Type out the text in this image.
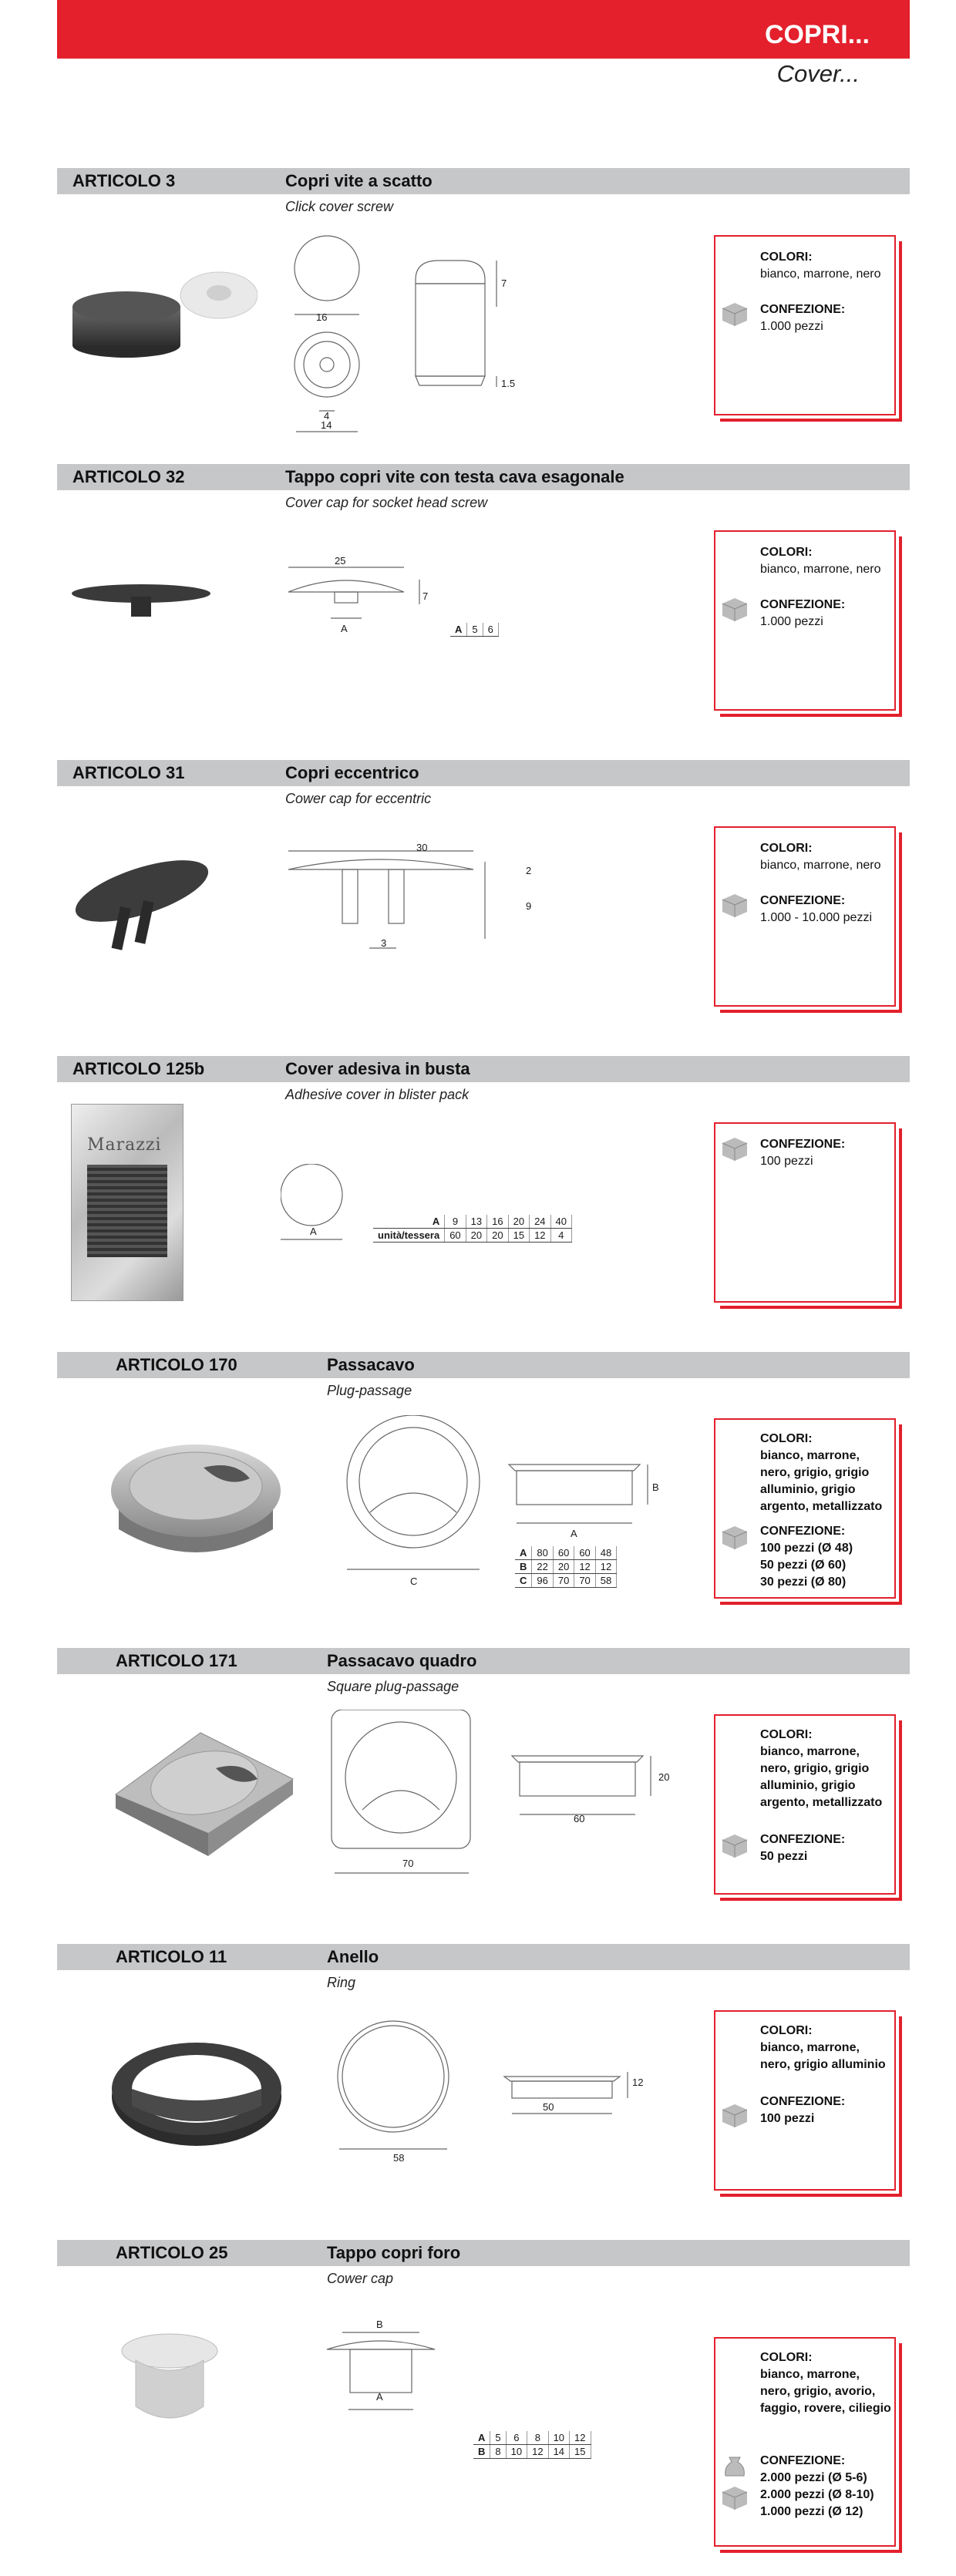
COPRI...
Cover...
ARTICOLO 3	Copri vite a scatto
Click cover screw
16
4
14
7
1.5
COLORI:
bianco, marrone, nero
CONFEZIONE:
1.000 pezzi
ARTICOLO 32	Tappo copri vite con testa cava esagonale
Cover cap for socket head screw
25
7
A	A	5	6
COLORI:
bianco, marrone, nero
CONFEZIONE:
1.000 pezzi
ARTICOLO 31	Copri eccentrico
Cower cap for eccentric
30
2
9
3
COLORI:
bianco, marrone, nero
CONFEZIONE:
1.000 - 10.000 pezzi
ARTICOLO 125b	Cover adesiva in busta
Adhesive cover in blister pack
Marazzi
A
A	9	13	16	20	24	40
unità/tessera	60	20	20	15	12	4
CONFEZIONE:
100 pezzi
ARTICOLO 170	Passacavo
Plug-passage
C
A
B
A	80	60	60	48
B	22	20	12	12
C	96	70	70	58
COLORI:
bianco, marrone, nero, grigio, grigio alluminio, grigio argento, metallizzato
CONFEZIONE:
100 pezzi (Ø 48)
50 pezzi (Ø 60)
30 pezzi (Ø 80)
ARTICOLO 171	Passacavo quadro
Square plug-passage
70
60
20
COLORI:
bianco, marrone, nero, grigio, grigio alluminio, grigio argento, metallizzato
CONFEZIONE:
50 pezzi
ARTICOLO 11	Anello
Ring
58
50
12
COLORI:
bianco, marrone, nero, grigio alluminio
CONFEZIONE:
100 pezzi
ARTICOLO 25	Tappo copri foro
Cower cap
B
A
A	5	6	8	10	12
B	8	10	12	14	15
COLORI:
bianco, marrone, nero, grigio, avorio, faggio, rovere, ciliegio
CONFEZIONE:
2.000 pezzi (Ø 5-6)
2.000 pezzi (Ø 8-10)
1.000 pezzi (Ø 12)
